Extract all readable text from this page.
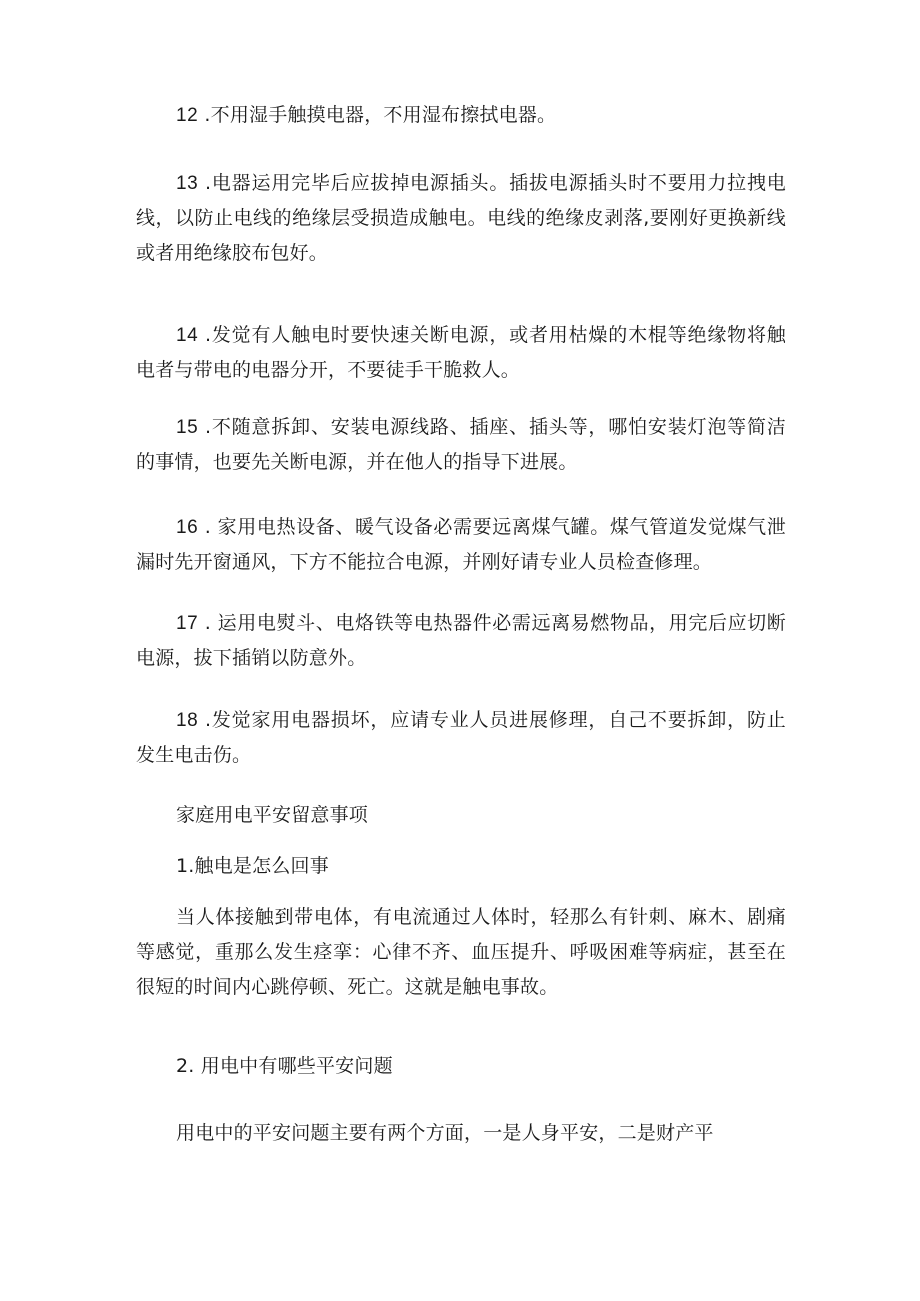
12 .不用湿手触摸电器，不用湿布擦拭电器。

13 .电器运用完毕后应拔掉电源插头。插拔电源插头时不要用力拉拽电线，以防止电线的绝缘层受损造成触电。电线的绝缘皮剥落,要刚好更换新线或者用绝缘胶布包好。

14 .发觉有人触电时要快速关断电源，或者用枯燥的木棍等绝缘物将触电者与带电的电器分开，不要徒手干脆救人。

15 .不随意拆卸、安装电源线路、插座、插头等，哪怕安装灯泡等简洁的事情，也要先关断电源，并在他人的指导下进展。

16 . 家用电热设备、暖气设备必需要远离煤气罐。煤气管道发觉煤气泄漏时先开窗通风，下方不能拉合电源，并刚好请专业人员检查修理。

17 . 运用电熨斗、电烙铁等电热器件必需远离易燃物品，用完后应切断电源，拔下插销以防意外。

18 .发觉家用电器损坏，应请专业人员进展修理，自己不要拆卸，防止发生电击伤。

家庭用电平安留意事项

1.触电是怎么回事

当人体接触到带电体，有电流通过人体时，轻那么有针刺、麻木、剧痛等感觉，重那么发生痉挛：心律不齐、血压提升、呼吸困难等病症，甚至在很短的时间内心跳停顿、死亡。这就是触电事故。

2. 用电中有哪些平安问题

用电中的平安问题主要有两个方面，一是人身平安，二是财产平
